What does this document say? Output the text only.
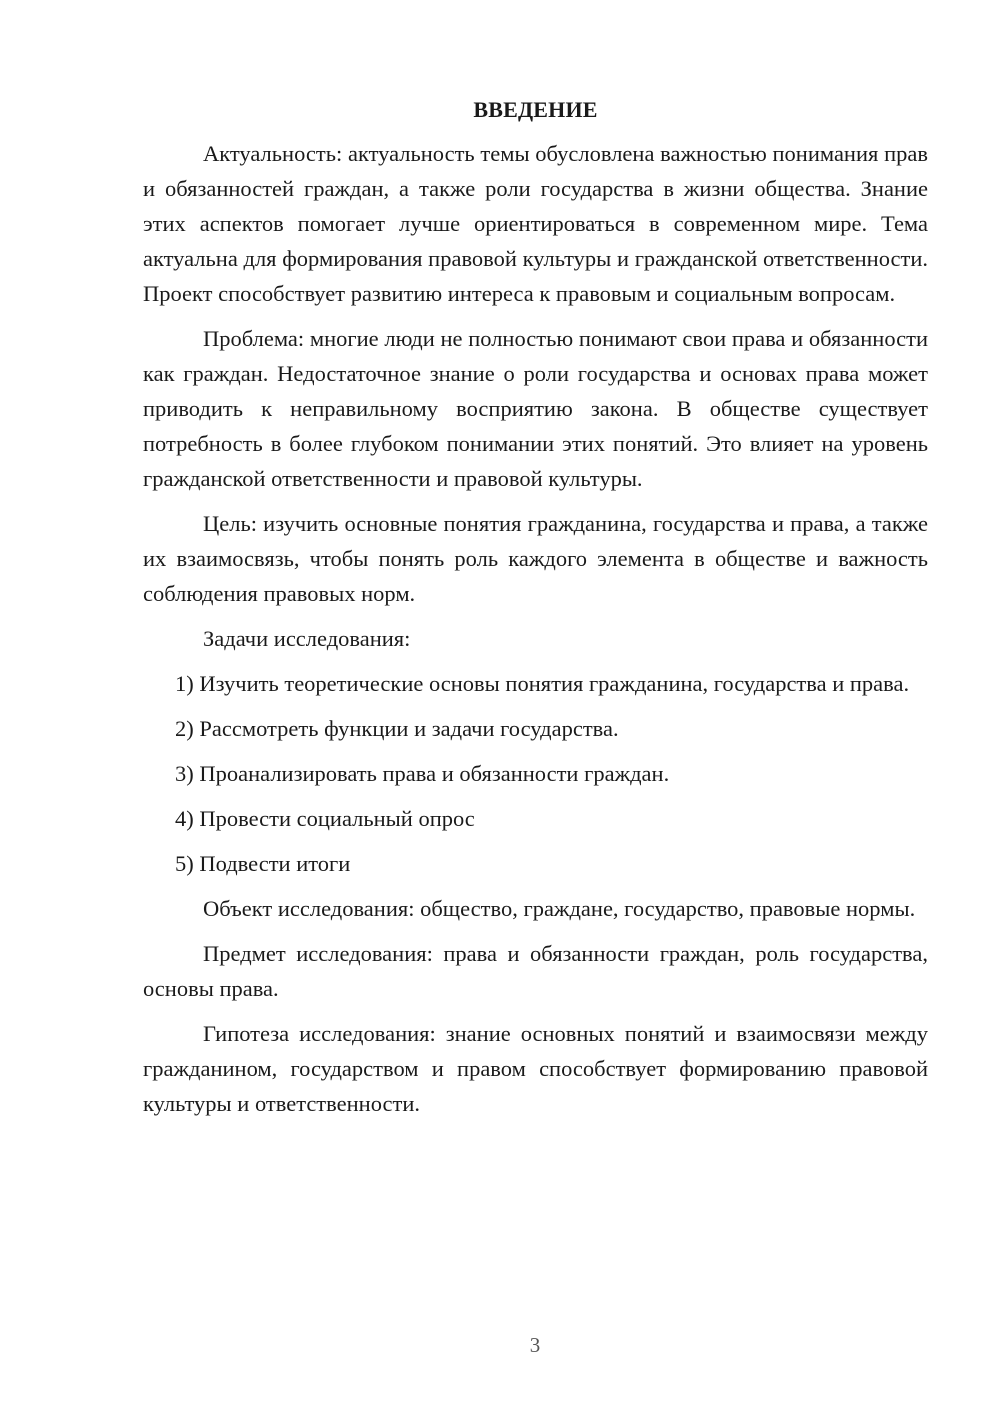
ВВЕДЕНИЕ

Актуальность: актуальность темы обусловлена важностью понимания прав и обязанностей граждан, а также роли государства в жизни общества. Знание этих аспектов помогает лучше ориентироваться в современном мире. Тема актуальна для формирования правовой культуры и гражданской ответственности. Проект способствует развитию интереса к правовым и социальным вопросам.

Проблема: многие люди не полностью понимают свои права и обязанности как граждан. Недостаточное знание о роли государства и основах права может приводить к неправильному восприятию закона. В обществе существует потребность в более глубоком понимании этих понятий. Это влияет на уровень гражданской ответственности и правовой культуры.

Цель: изучить основные понятия гражданина, государства и права, а также их взаимосвязь, чтобы понять роль каждого элемента в обществе и важность соблюдения правовых норм.

Задачи исследования:

1) Изучить теоретические основы понятия гражданина, государства и права.

2) Рассмотреть функции и задачи государства.

3) Проанализировать права и обязанности граждан.

4) Провести социальный опрос

5) Подвести итоги

Объект исследования: общество, граждане, государство, правовые нормы.

Предмет исследования: права и обязанности граждан, роль государства, основы права.

Гипотеза исследования: знание основных понятий и взаимосвязи между гражданином, государством и правом способствует формированию правовой культуры и ответственности.

3
